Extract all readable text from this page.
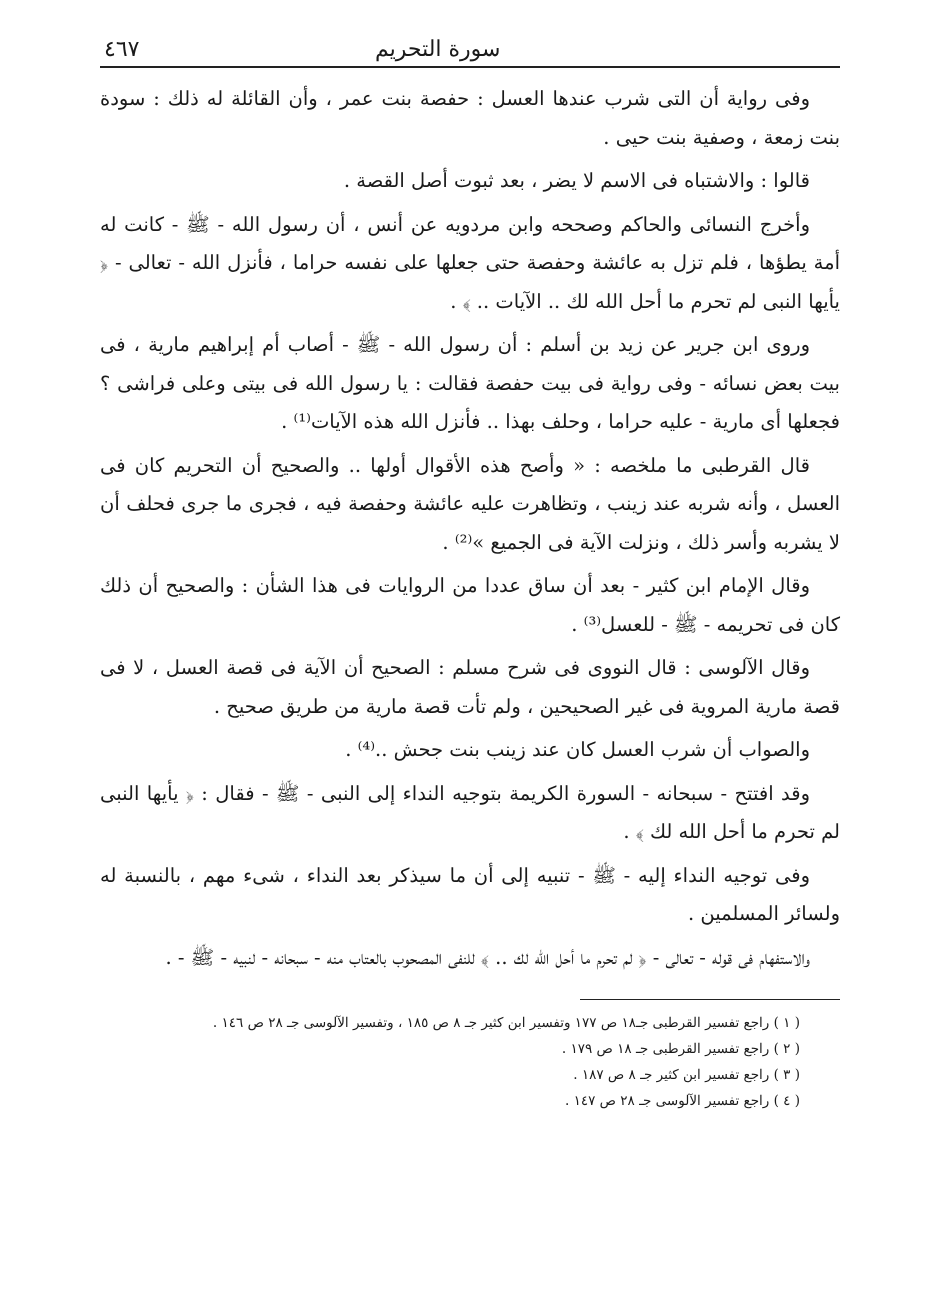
سورة التحريم
٤٦٧

وفى رواية أن التى شرب عندها العسل : حفصة بنت عمر ، وأن القائلة له ذلك : سودة بنت زمعة ، وصفية بنت حيى .

قالوا : والاشتباه فى الاسم لا يضر ، بعد ثبوت أصل القصة .

وأخرج النسائى والحاكم وصححه وابن مردويه عن أنس ، أن رسول الله - ﷺ - كانت له أمة يطؤها ، فلم تزل به عائشة وحفصة حتى جعلها على نفسه حراما ، فأنزل الله - تعالى - ﴿ يأيها النبى لم تحرم ما أحل الله لك .. الآيات .. ﴾ .

وروى ابن جرير عن زيد بن أسلم : أن رسول الله - ﷺ - أصاب أم إبراهيم مارية ، فى بيت بعض نسائه - وفى رواية فى بيت حفصة فقالت : يا رسول الله فى بيتى وعلى فراشى ؟ فجعلها أى مارية - عليه حراما ، وحلف بهذا .. فأنزل الله هذه الآيات⁽¹⁾ .

قال القرطبى ما ملخصه : « وأصح هذه الأقوال أولها .. والصحيح أن التحريم كان فى العسل ، وأنه شربه عند زينب ، وتظاهرت عليه عائشة وحفصة فيه ، فجرى ما جرى فحلف أن لا يشربه وأسر ذلك ، ونزلت الآية فى الجميع »⁽²⁾ .

وقال الإمام ابن كثير - بعد أن ساق عددا من الروايات فى هذا الشأن : والصحيح أن ذلك كان فى تحريمه - ﷺ - للعسل⁽³⁾ .

وقال الآلوسى : قال النووى فى شرح مسلم : الصحيح أن الآية فى قصة العسل ، لا فى قصة مارية المروية فى غير الصحيحين ، ولم تأت قصة مارية من طريق صحيح .

والصواب أن شرب العسل كان عند زينب بنت جحش ..⁽⁴⁾ .

وقد افتتح - سبحانه - السورة الكريمة بتوجيه النداء إلى النبى - ﷺ - فقال : ﴿ يأيها النبى لم تحرم ما أحل الله لك ﴾ .

وفى توجيه النداء إليه - ﷺ - تنبيه إلى أن ما سيذكر بعد النداء ، شىء مهم ، بالنسبة له ولسائر المسلمين .

والاستفهام فى قوله - تعالى - ﴿ لم تحرم ما أحل الله لك .. ﴾ للنفى المصحوب بالعتاب منه - سبحانه - لنبيه - ﷺ - .

( ١ ) راجع تفسير القرطبى جـ١٨ ص ١٧٧ وتفسير ابن كثير جـ ٨ ص ١٨٥ ، وتفسير الآلوسى جـ ٢٨ ص ١٤٦ .

( ٢ ) راجع تفسير القرطبى جـ ١٨ ص ١٧٩ .

( ٣ ) راجع تفسير ابن كثير جـ ٨ ص ١٨٧ .

( ٤ ) راجع تفسير الآلوسى جـ ٢٨ ص ١٤٧ .
